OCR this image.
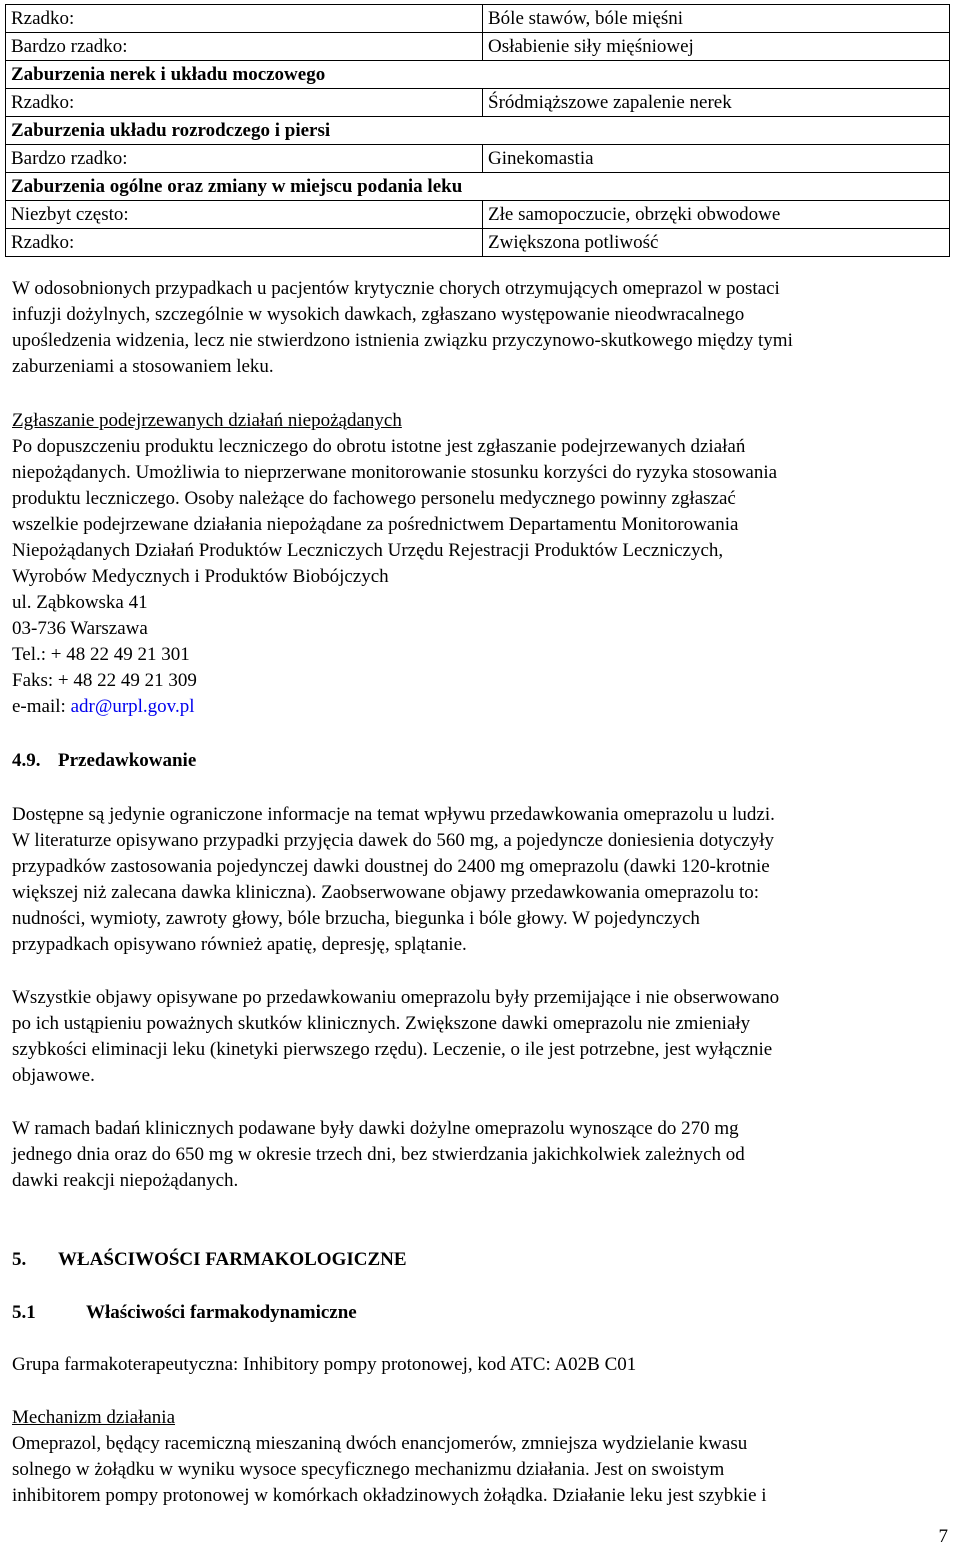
Rzadko:	Bóle stawów, bóle mięśni
Bardzo rzadko:	Osłabienie siły mięśniowej
Zaburzenia nerek i układu moczowego	
Rzadko:	Śródmiąższowe zapalenie nerek
Zaburzenia układu rozrodczego i piersi	
Bardzo rzadko:	Ginekomastia
Zaburzenia ogólne oraz zmiany w miejscu podania leku	
Niezbyt często:	Złe samopoczucie, obrzęki obwodowe
Rzadko:	Zwiększona potliwość

W odosobnionych przypadkach u pacjentów krytycznie chorych otrzymujących omeprazol w postaci

infuzji dożylnych, szczególnie w wysokich dawkach, zgłaszano występowanie nieodwracalnego

upośledzenia widzenia, lecz nie stwierdzono istnienia związku przyczynowo-skutkowego między tymi

zaburzeniami a stosowaniem leku.

Zgłaszanie podejrzewanych działań niepożądanych

Po dopuszczeniu produktu leczniczego do obrotu istotne jest zgłaszanie podejrzewanych działań

niepożądanych. Umożliwia to nieprzerwane monitorowanie stosunku korzyści do ryzyka stosowania

produktu leczniczego. Osoby należące do fachowego personelu medycznego powinny zgłaszać

wszelkie podejrzewane działania niepożądane za pośrednictwem Departamentu Monitorowania

Niepożądanych Działań Produktów Leczniczych Urzędu Rejestracji Produktów Leczniczych,

Wyrobów Medycznych i Produktów Biobójczych

ul. Ząbkowska 41

03-736 Warszawa

Tel.: + 48 22 49 21 301

Faks: + 48 22 49 21 309

e-mail: adr@urpl.gov.pl

4.9. Przedawkowanie

Dostępne są jedynie ograniczone informacje na temat wpływu przedawkowania omeprazolu u ludzi.

W literaturze opisywano przypadki przyjęcia dawek do 560 mg, a pojedyncze doniesienia dotyczyły

przypadków zastosowania pojedynczej dawki doustnej do 2400 mg omeprazolu (dawki 120-krotnie

większej niż zalecana dawka kliniczna). Zaobserwowane objawy przedawkowania omeprazolu to:

nudności, wymioty, zawroty głowy, bóle brzucha, biegunka i bóle głowy. W pojedynczych

przypadkach opisywano również apatię, depresję, splątanie.

Wszystkie objawy opisywane po przedawkowaniu omeprazolu były przemijające i nie obserwowano

po ich ustąpieniu poważnych skutków klinicznych. Zwiększone dawki omeprazolu nie zmieniały

szybkości eliminacji leku (kinetyki pierwszego rzędu). Leczenie, o ile jest potrzebne, jest wyłącznie

objawowe.

W ramach badań klinicznych podawane były dawki dożylne omeprazolu wynoszące do 270 mg

jednego dnia oraz do 650 mg w okresie trzech dni, bez stwierdzania jakichkolwiek zależnych od

dawki reakcji niepożądanych.

5. WŁAŚCIWOŚCI FARMAKOLOGICZNE
5.1	Właściwości farmakodynamiczne

Grupa farmakoterapeutyczna: Inhibitory pompy protonowej, kod ATC: A02B C01

Mechanizm działania

Omeprazol, będący racemiczną mieszaniną dwóch enancjomerów, zmniejsza wydzielanie kwasu

solnego w żołądku w wyniku wysoce specyficznego mechanizmu działania. Jest on swoistym

inhibitorem pompy protonowej w komórkach okładzinowych żołądka. Działanie leku jest szybkie i

7
